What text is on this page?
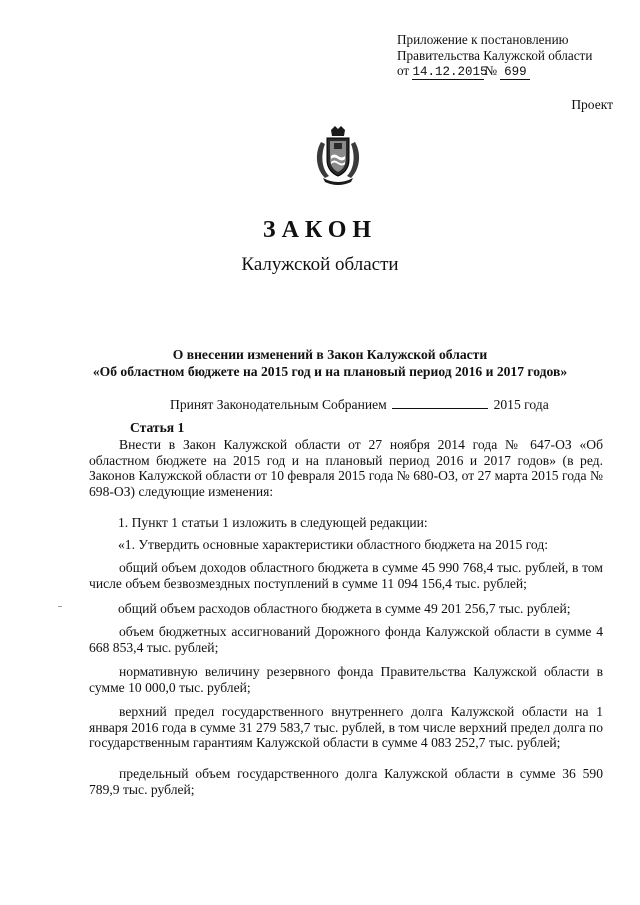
Приложение к постановлению
Правительства Калужской области
от 14.12.2015№ 699
Проект
ЗАКОН
Калужской области
О внесении изменений в Закон Калужской области
«Об областном бюджете на 2015 год и на плановый период 2016 и 2017 годов»
Принят Законодательным Собранием	2015 года
Статья 1
Внести в Закон Калужской области от 27 ноября 2014 года № 647-ОЗ «Об областном бюджете на 2015 год и на плановый период 2016 и 2017 годов» (в ред. Законов Калужской области от 10 февраля 2015 года № 680-ОЗ, от 27 марта 2015 года № 698-ОЗ) следующие изменения:
1. Пункт 1 статьи 1 изложить в следующей редакции:
«1. Утвердить основные характеристики областного бюджета на 2015 год:
общий объем доходов областного бюджета в сумме 45 990 768,4 тыс. рублей, в том числе объем безвозмездных поступлений в сумме 11 094 156,4 тыс. рублей;
общий объем расходов областного бюджета в сумме 49 201 256,7 тыс. рублей;
объем бюджетных ассигнований Дорожного фонда Калужской области в сумме 4 668 853,4 тыс. рублей;
нормативную величину резервного фонда Правительства Калужской области в сумме 10 000,0 тыс. рублей;
верхний предел государственного внутреннего долга Калужской области на 1 января 2016 года в сумме 31 279 583,7 тыс. рублей, в том числе верхний предел долга по государственным гарантиям Калужской области в сумме 4 083 252,7 тыс. рублей;
предельный объем государственного долга Калужской области в сумме 36 590 789,9 тыс. рублей;
